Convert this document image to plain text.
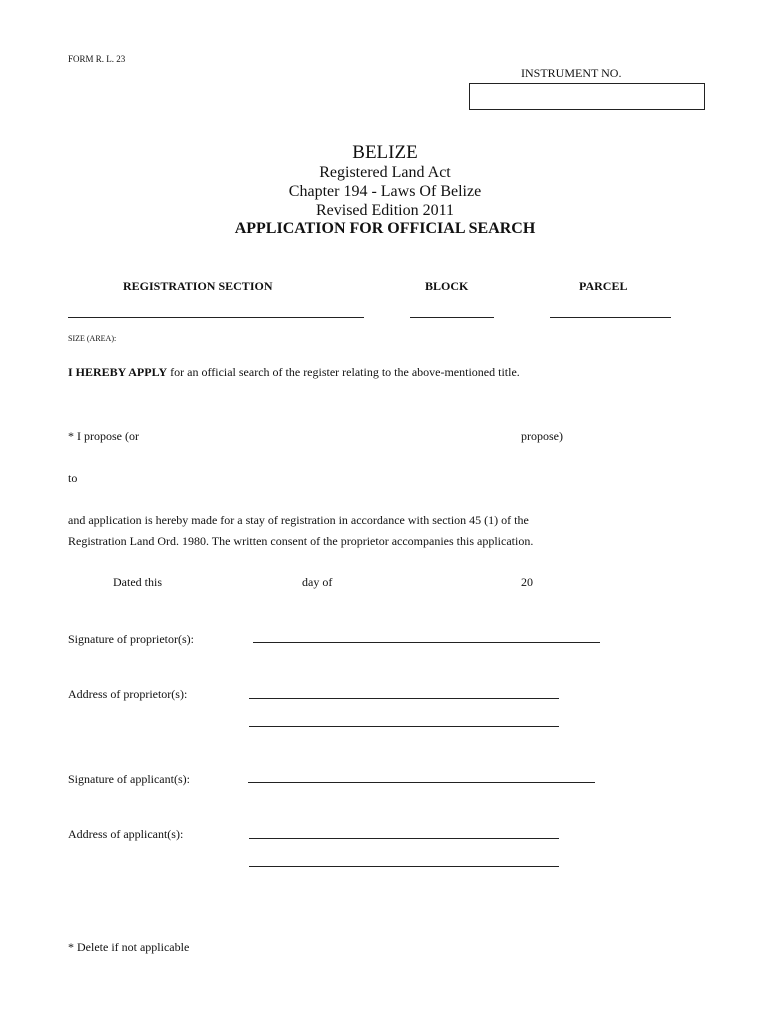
FORM R. L. 23
INSTRUMENT NO.
BELIZE
Registered Land Act
Chapter 194 - Laws Of Belize
Revised Edition 2011
APPLICATION FOR OFFICIAL SEARCH
REGISTRATION SECTION	BLOCK	PARCEL
SIZE (AREA):
I HEREBY APPLY for an official search of the register relating to the above-mentioned title.
* I propose (or	propose)
to
and application is hereby made for a stay of registration in accordance with section 45 (1) of the
Registration Land Ord. 1980. The written consent of the proprietor accompanies this application.
Dated this	day of	20
Signature of proprietor(s):
Address of proprietor(s):
Signature of applicant(s):
Address of applicant(s):
* Delete if not applicable
